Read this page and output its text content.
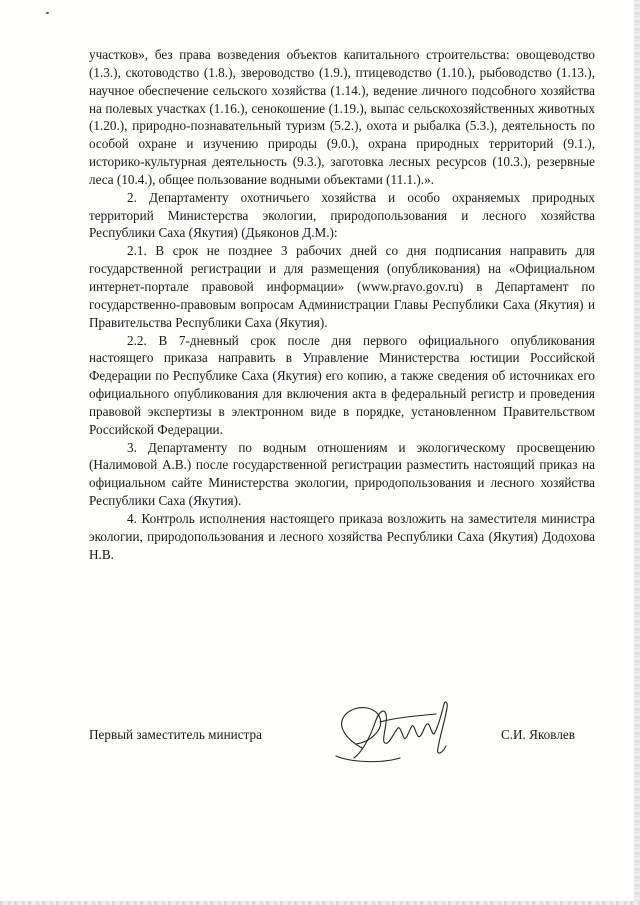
участков», без права возведения объектов капитального строительства: овощеводство (1.3.), скотоводство (1.8.), звероводство (1.9.), птицеводство (1.10.), рыбоводство (1.13.), научное обеспечение сельского хозяйства (1.14.), ведение личного подсобного хозяйства на полевых участках (1.16.), сенокошение (1.19.), выпас сельскохозяйственных животных (1.20.), природно-познавательный туризм (5.2.), охота и рыбалка (5.3.), деятельность по особой охране и изучению природы (9.0.), охрана природных территорий (9.1.), историко-культурная деятельность (9.3.), заготовка лесных ресурсов (10.3.), резервные леса (10.4.), общее пользование водными объектами (11.1.).».

2. Департаменту охотничьего хозяйства и особо охраняемых природных территорий Министерства экологии, природопользования и лесного хозяйства Республики Саха (Якутия) (Дьяконов Д.М.):

2.1. В срок не позднее 3 рабочих дней со дня подписания направить для государственной регистрации и для размещения (опубликования) на «Официальном интернет-портале правовой информации» (www.pravo.gov.ru) в Департамент по государственно-правовым вопросам Администрации Главы Республики Саха (Якутия) и Правительства Республики Саха (Якутия).

2.2. В 7-дневный срок после дня первого официального опубликования настоящего приказа направить в Управление Министерства юстиции Российской Федерации по Республике Саха (Якутия) его копию, а также сведения об источниках его официального опубликования для включения акта в федеральный регистр и проведения правовой экспертизы в электронном виде в порядке, установленном Правительством Российской Федерации.

3. Департаменту по водным отношениям и экологическому просвещению (Налимовой А.В.) после государственной регистрации разместить настоящий приказ на официальном сайте Министерства экологии, природопользования и лесного хозяйства Республики Саха (Якутия).

4. Контроль исполнения настоящего приказа возложить на заместителя министра экологии, природопользования и лесного хозяйства Республики Саха (Якутия) Додохова Н.В.

Первый заместитель министра	С.И. Яковлев
